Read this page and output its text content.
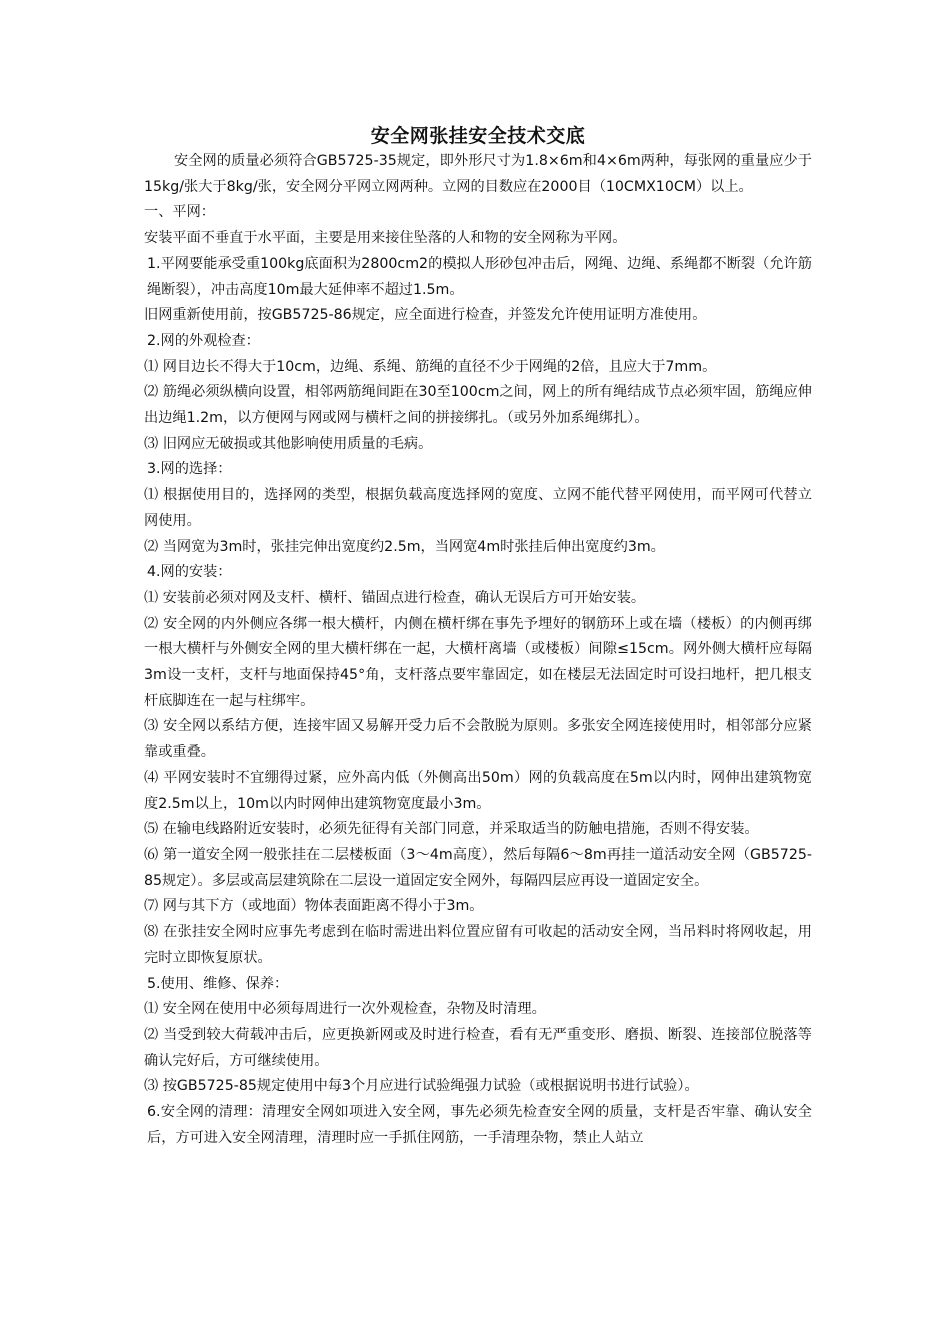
安全网张挂安全技术交底

安全网的质量必须符合GB5725-35规定，即外形尺寸为1.8×6m和4×6m两种，每张网的重量应少于15kg/张大于8kg/张，安全网分平网立网两种。立网的目数应在2000目（10CMX10CM）以上。

一、平网：

安装平面不垂直于水平面，主要是用来接住坠落的人和物的安全网称为平网。

1.平网要能承受重100kg底面积为2800cm2的模拟人形砂包冲击后，网绳、边绳、系绳都不断裂（允许筋绳断裂），冲击高度10m最大延伸率不超过1.5m。

旧网重新使用前，按GB5725-86规定，应全面进行检查，并签发允许使用证明方准使用。

2.网的外观检查：

⑴ 网目边长不得大于10cm，边绳、系绳、筋绳的直径不少于网绳的2倍，且应大于7mm。

⑵ 筋绳必须纵横向设置，相邻两筋绳间距在30至100cm之间，网上的所有绳结成节点必须牢固，筋绳应伸出边绳1.2m，以方便网与网或网与横杆之间的拼接绑扎。（或另外加系绳绑扎）。

⑶ 旧网应无破损或其他影响使用质量的毛病。

3.网的选择：

⑴ 根据使用目的，选择网的类型，根据负载高度选择网的宽度、立网不能代替平网使用，而平网可代替立网使用。

⑵ 当网宽为3m时，张挂完伸出宽度约2.5m，当网宽4m时张挂后伸出宽度约3m。

4.网的安装：

⑴ 安装前必须对网及支杆、横杆、锚固点进行检查，确认无误后方可开始安装。

⑵ 安全网的内外侧应各绑一根大横杆，内侧在横杆绑在事先予埋好的钢筋环上或在墙（楼板）的内侧再绑一根大横杆与外侧安全网的里大横杆绑在一起，大横杆离墙（或楼板）间隙≤15cm。网外侧大横杆应每隔3m设一支杆，支杆与地面保持45°角，支杆落点要牢靠固定，如在楼层无法固定时可设扫地杆，把几根支杆底脚连在一起与柱绑牢。

⑶ 安全网以系结方便，连接牢固又易解开受力后不会散脱为原则。多张安全网连接使用时，相邻部分应紧靠或重叠。

⑷ 平网安装时不宜绷得过紧，应外高内低（外侧高出50m）网的负载高度在5m以内时，网伸出建筑物宽度2.5m以上，10m以内时网伸出建筑物宽度最小3m。

⑸ 在输电线路附近安装时，必须先征得有关部门同意，并采取适当的防触电措施，否则不得安装。

⑹ 第一道安全网一般张挂在二层楼板面（3～4m高度），然后每隔6～8m再挂一道活动安全网（GB5725-85规定）。多层或高层建筑除在二层设一道固定安全网外，每隔四层应再设一道固定安全。

⑺ 网与其下方（或地面）物体表面距离不得小于3m。

⑻ 在张挂安全网时应事先考虑到在临时需进出料位置应留有可收起的活动安全网，当吊料时将网收起，用完时立即恢复原状。

5.使用、维修、保养：

⑴ 安全网在使用中必须每周进行一次外观检查，杂物及时清理。

⑵ 当受到较大荷载冲击后，应更换新网或及时进行检查，看有无严重变形、磨损、断裂、连接部位脱落等确认完好后，方可继续使用。

⑶ 按GB5725-85规定使用中每3个月应进行试验绳强力试验（或根据说明书进行试验）。

6.安全网的清理：清理安全网如项进入安全网，事先必须先检查安全网的质量，支杆是否牢靠、确认安全后，方可进入安全网清理，清理时应一手抓住网筋，一手清理杂物，禁止人站立
